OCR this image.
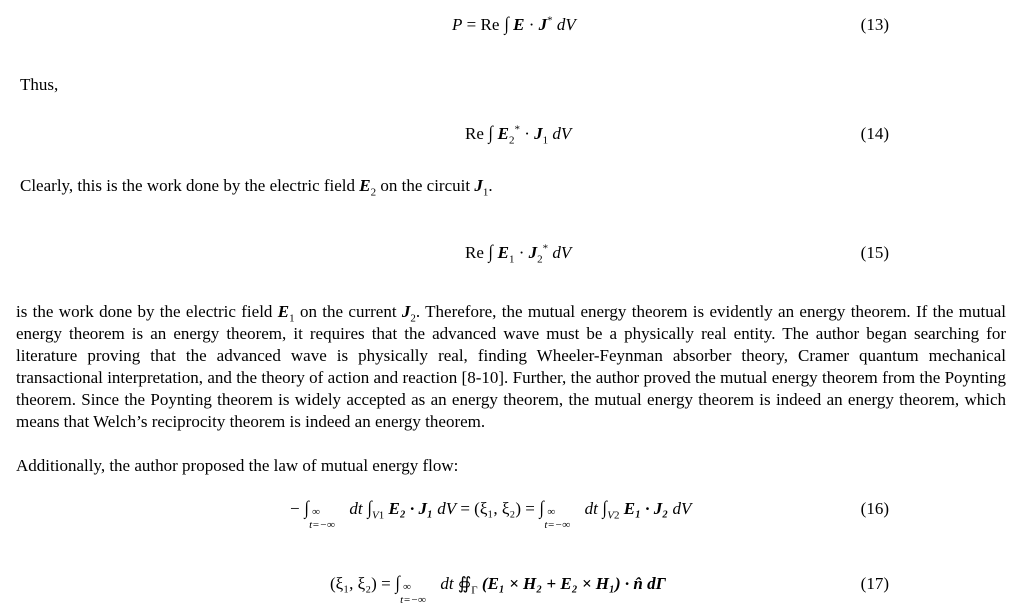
P = Re ∫ E · J* dV	(13)
Thus,
Re ∫ $E_2^* \cdot J_1$ dV	(14)
Clearly, this is the work done by the electric field $E_2$ on the circuit $J_1$.
Re ∫ $E_1 \cdot J_2^*$ dV	(15)
is the work done by the electric field $E_1$ on the current $J_2$. Therefore, the mutual energy theorem is evidently an energy theorem. If the mutual energy theorem is an energy theorem, it requires that the advanced wave must be a physically real entity. The author began searching for literature proving that the advanced wave is physically real, finding Wheeler-Feynman absorber theory, Cramer quantum mechanical transactional interpretation, and the theory of action and reaction [8-10]. Further, the author proved the mutual energy theorem from the Poynting theorem. Since the Poynting theorem is widely accepted as an energy theorem, the mutual energy theorem is indeed an energy theorem, which means that Welch’s reciprocity theorem is indeed an energy theorem.
Additionally, the author proposed the law of mutual energy flow:
− ∫ ∞
t=−∞
dt $\int_{V1}$ E₂ · J₁ dV = (ξ₁, ξ₂) = ∫ ∞
t=−∞
dt $\int_{V2}$ E₁ · J₂ dV	(16)
(ξ₁, ξ₂) = ∫ ∞
t=−∞
dt $∯_\Gamma$ (E₁ × H₂ + E₂ × H₁) · n̂ dΓ	(17)
